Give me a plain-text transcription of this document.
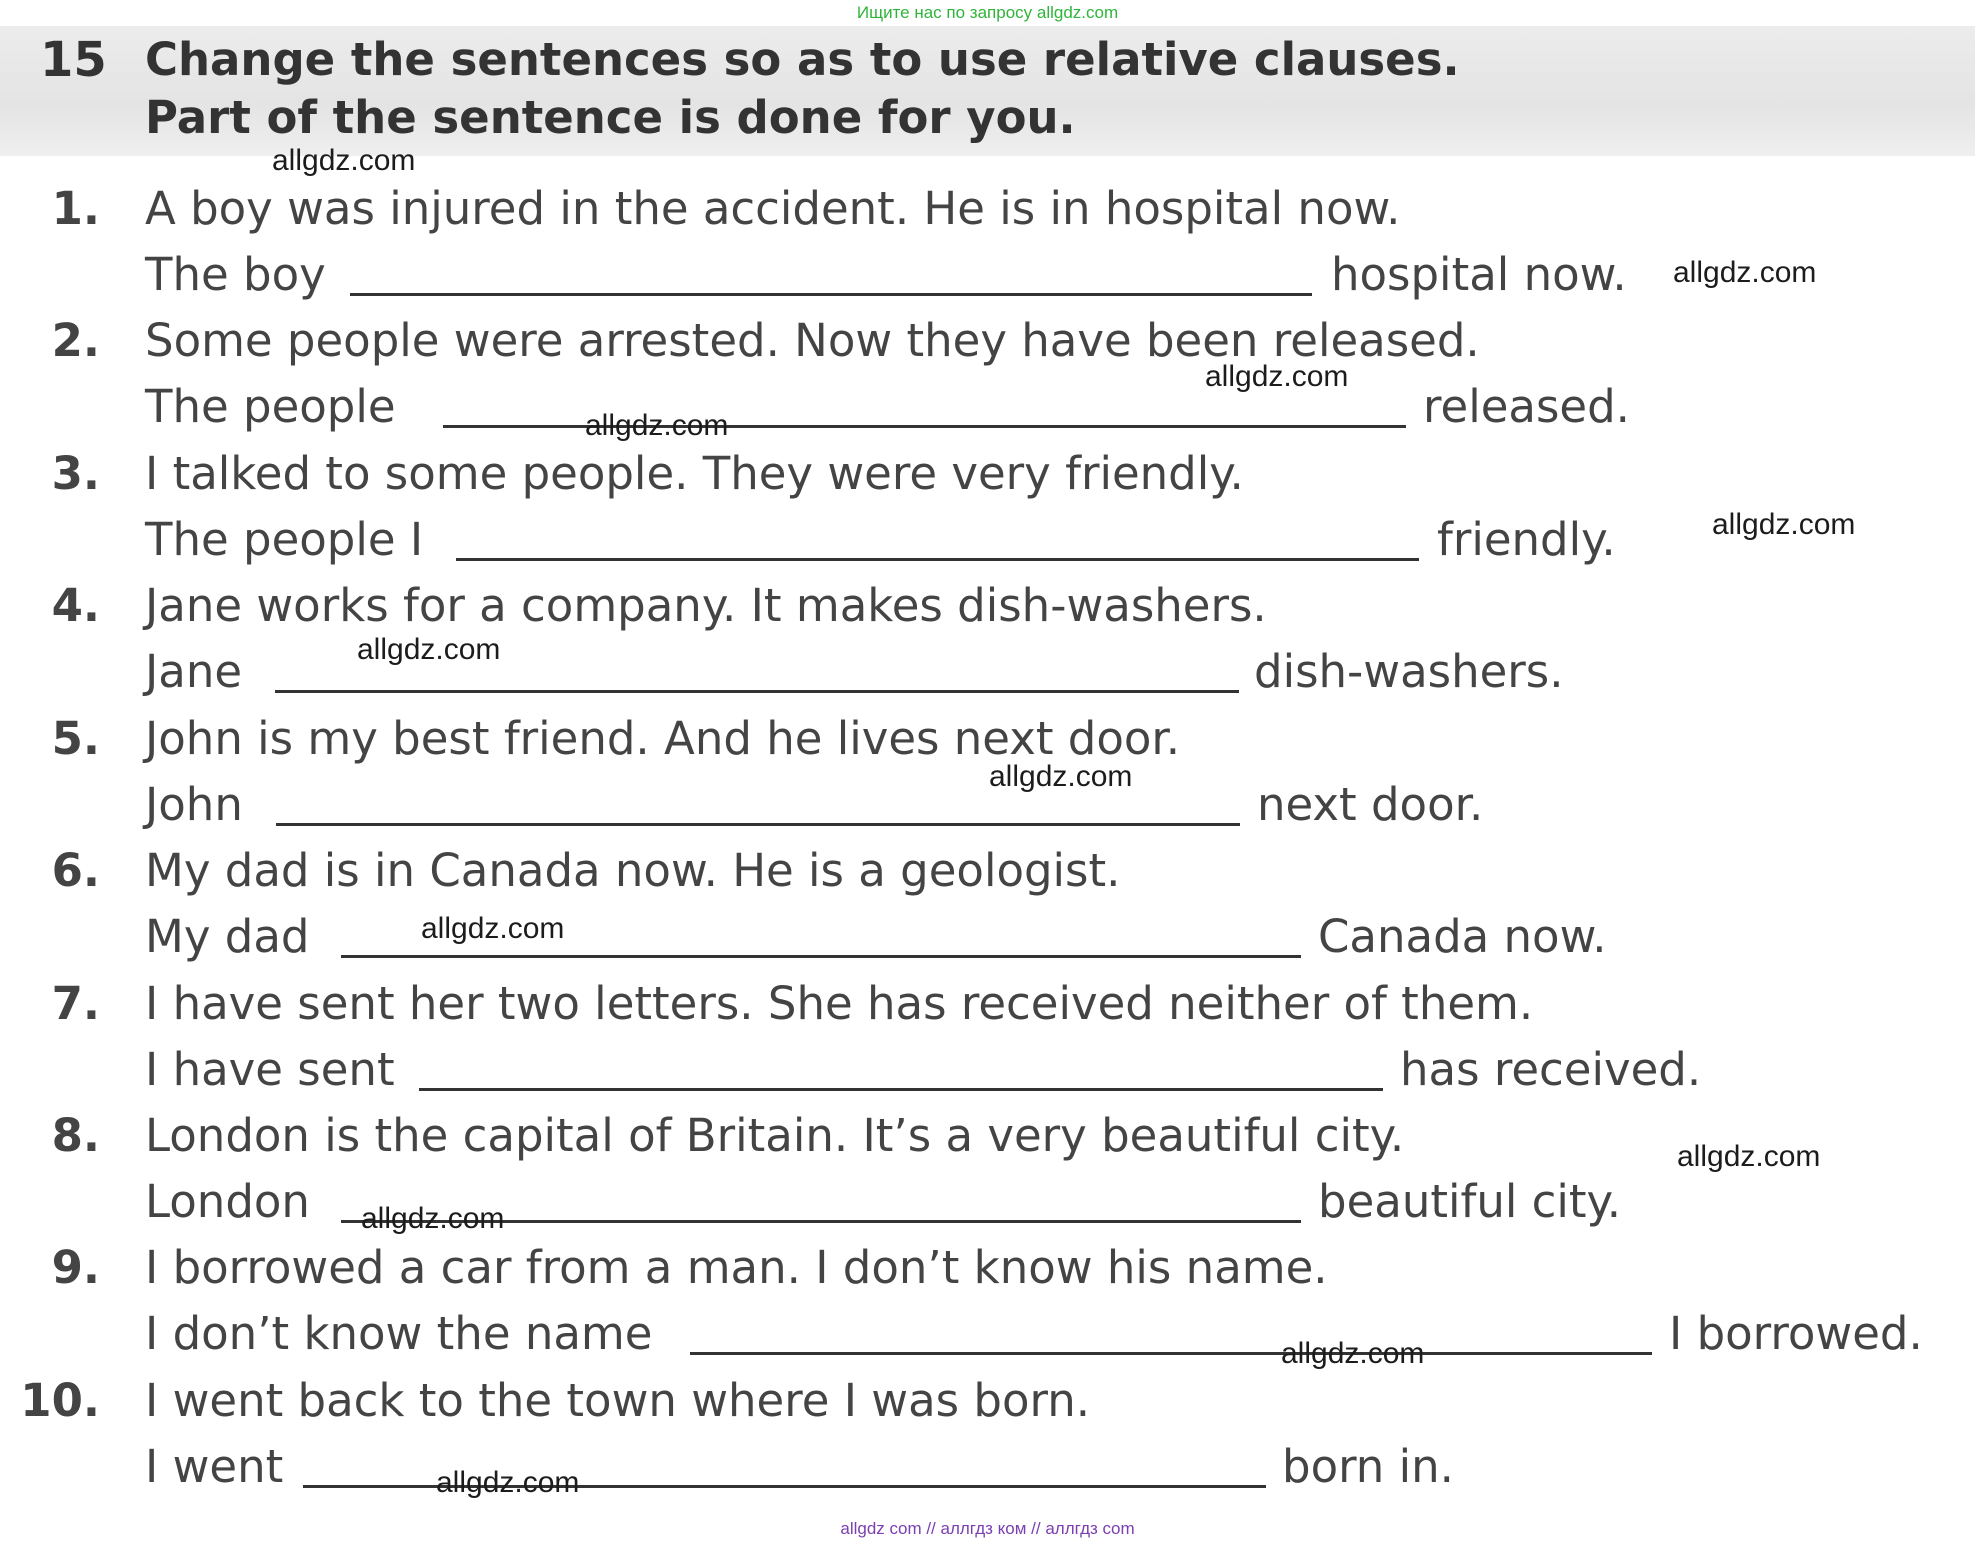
Ищите нас по запросу allgdz.com
15 Change the sentences so as to use relative clauses.
Part of the sentence is done for you.
1. A boy was injured in the accident. He is in hospital now.
The boy	hospital now.
2. Some people were arrested. Now they have been released.
The people	released.
3. I talked to some people. They were very friendly.
The people I	friendly.
4. Jane works for a company. It makes dish-washers.
Jane	dish-washers.
5. John is my best friend. And he lives next door.
John	next door.
6. My dad is in Canada now. He is a geologist.
My dad	Canada now.
7. I have sent her two letters. She has received neither of them.
I have sent	has received.
8. London is the capital of Britain. It’s a very beautiful city.
London	beautiful city.
9. I borrowed a car from a man. I don’t know his name.
I don’t know the name	I borrowed.
10. I went back to the town where I was born.
I went	born in.
allgdz.com
allgdz.com
allgdz.com
allgdz.com
allgdz.com
allgdz.com
allgdz.com
allgdz.com
allgdz.com
allgdz.com
allgdz.com
allgdz.com
allgdz com // аллгдз ком // аллгдз com
